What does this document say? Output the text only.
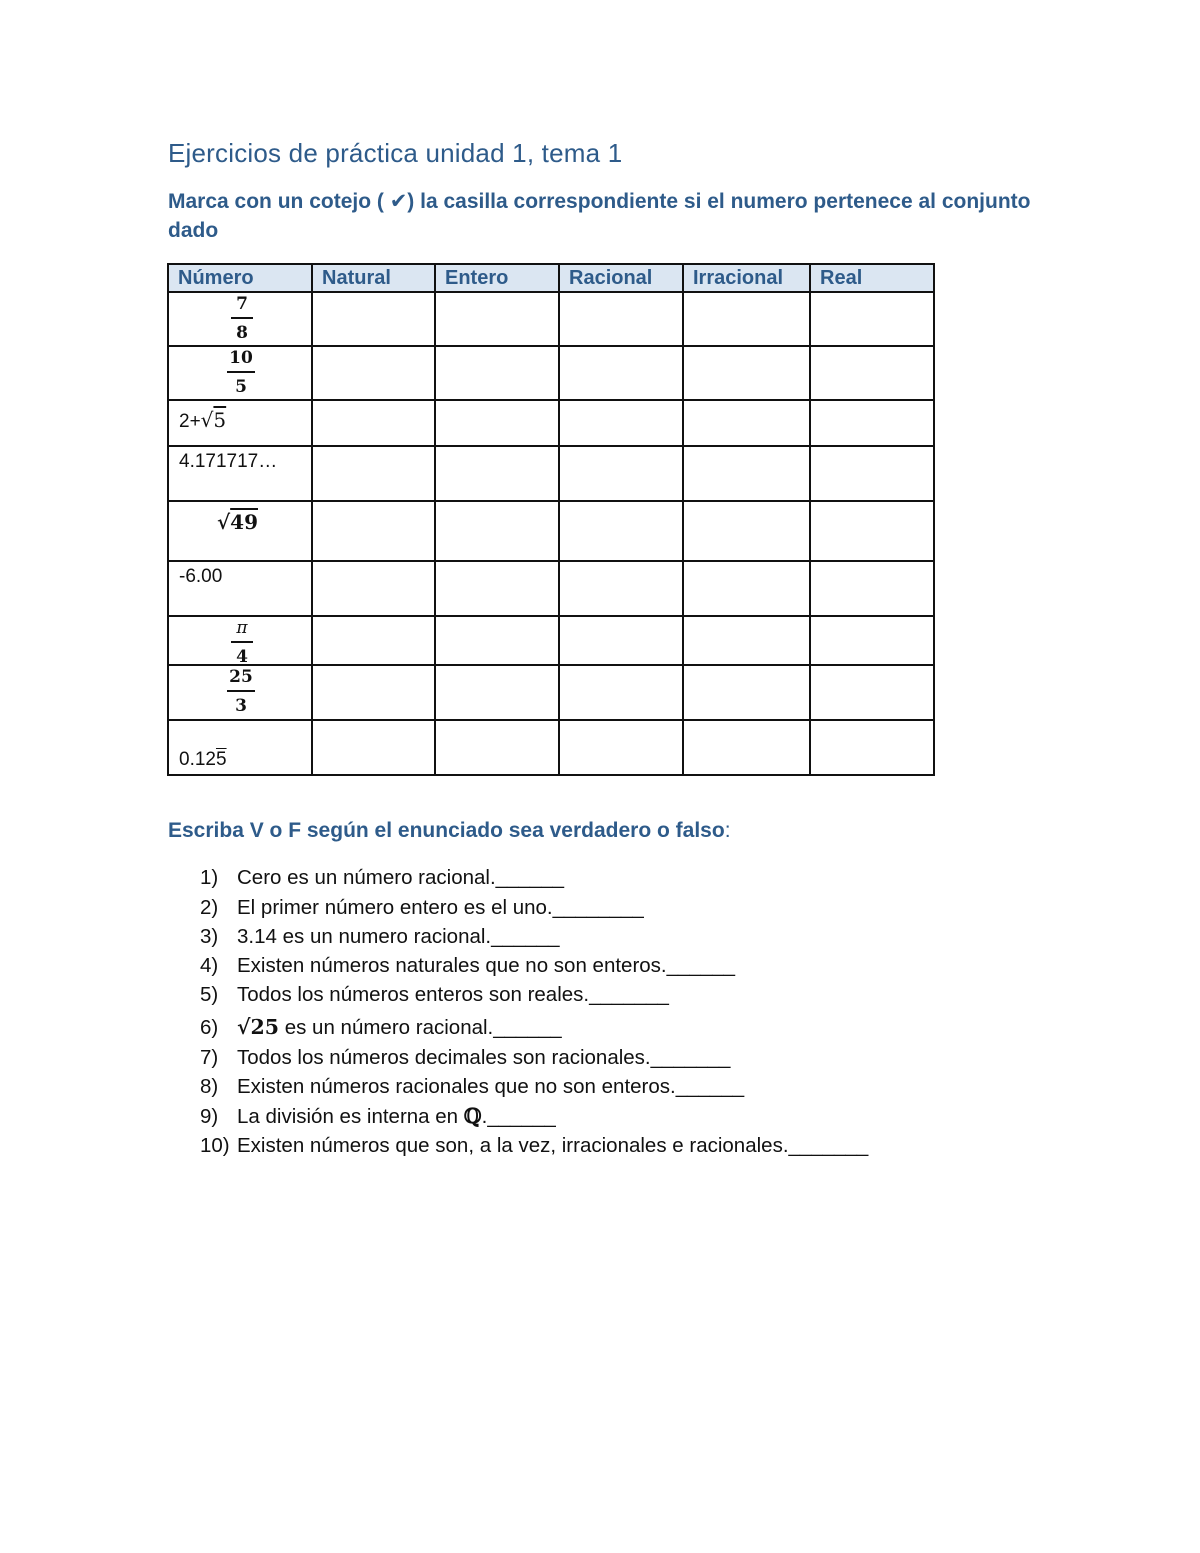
Ejercicios de práctica unidad 1, tema 1

Marca con un cotejo ( ✔) la casilla correspondiente si el numero pertenece al conjunto dado

Número	Natural	Entero	Racional	Irracional	Real

7
8					

10
5					

2+√5					

4.171717…					

√49					

-6.00					

π
4					

25
3					

0.125					

Escriba V o F según el enunciado sea verdadero o falso:
1) Cero es un número racional.______
2) El primer número entero es el uno.________
3) 3.14 es un numero racional.______
4) Existen números naturales que no son enteros.______
5) Todos los números enteros son reales._______
6) √25 es un número racional.______
7) Todos los números decimales son racionales._______
8) Existen números racionales que no son enteros.______
9) La división es interna en ℚ.______
10) Existen números que son, a la vez, irracionales e racionales._______
